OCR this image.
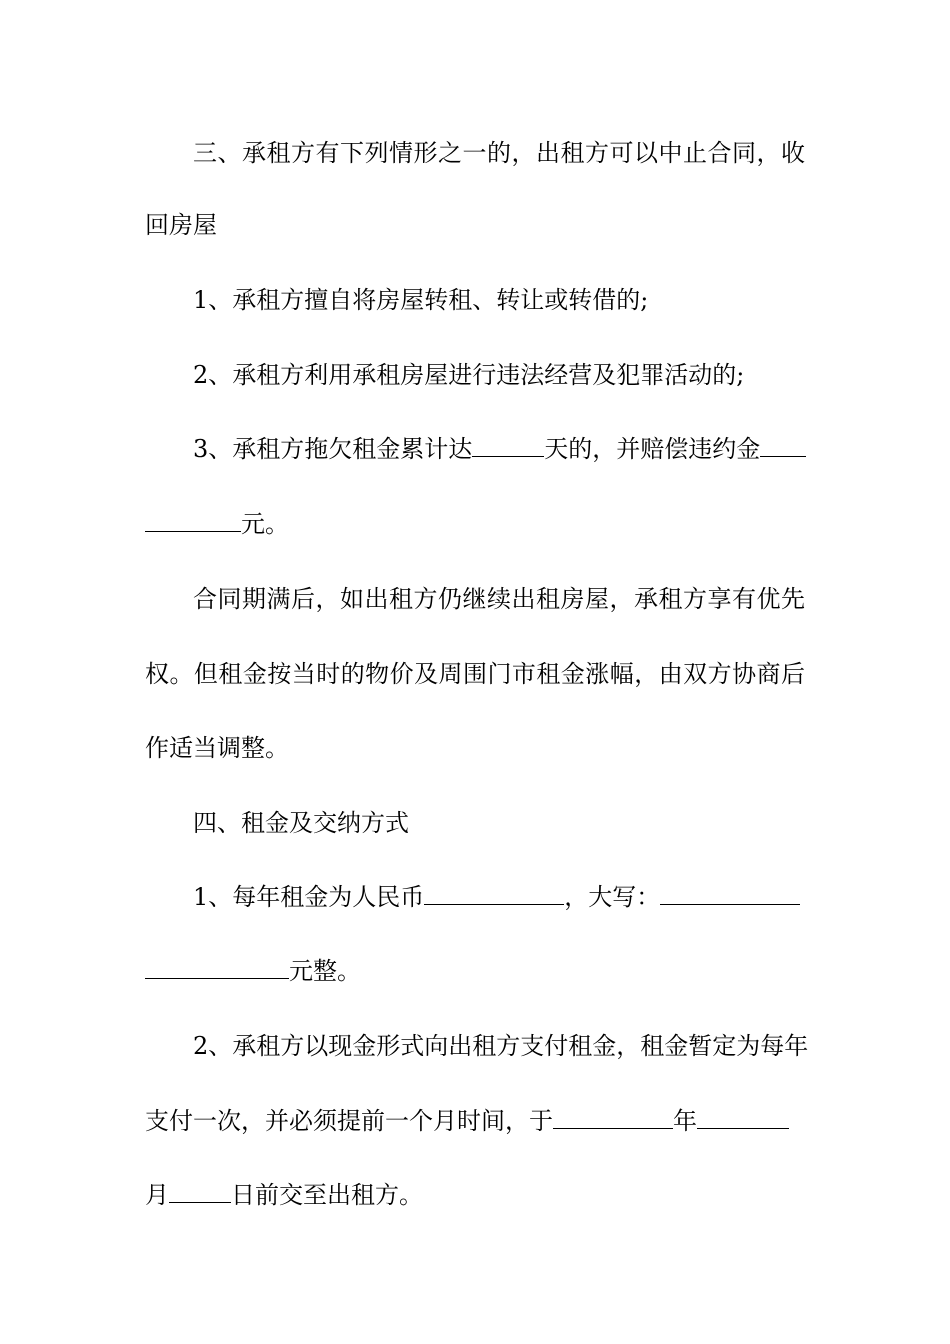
三、承租方有下列情形之一的，出租方可以中止合同，收
回房屋
1、承租方擅自将房屋转租、转让或转借的;
2、承租方利用承租房屋进行违法经营及犯罪活动的;
3、承租方拖欠租金累计达	天的，并赔偿违约金
元。
合同期满后，如出租方仍继续出租房屋，承租方享有优先
权。但租金按当时的物价及周围门市租金涨幅，由双方协商后
作适当调整。
四、租金及交纳方式
1、每年租金为人民币	，大写：
元整。
2、承租方以现金形式向出租方支付租金，租金暂定为每年
支付一次，并必须提前一个月时间，于	年
月	日前交至出租方。
